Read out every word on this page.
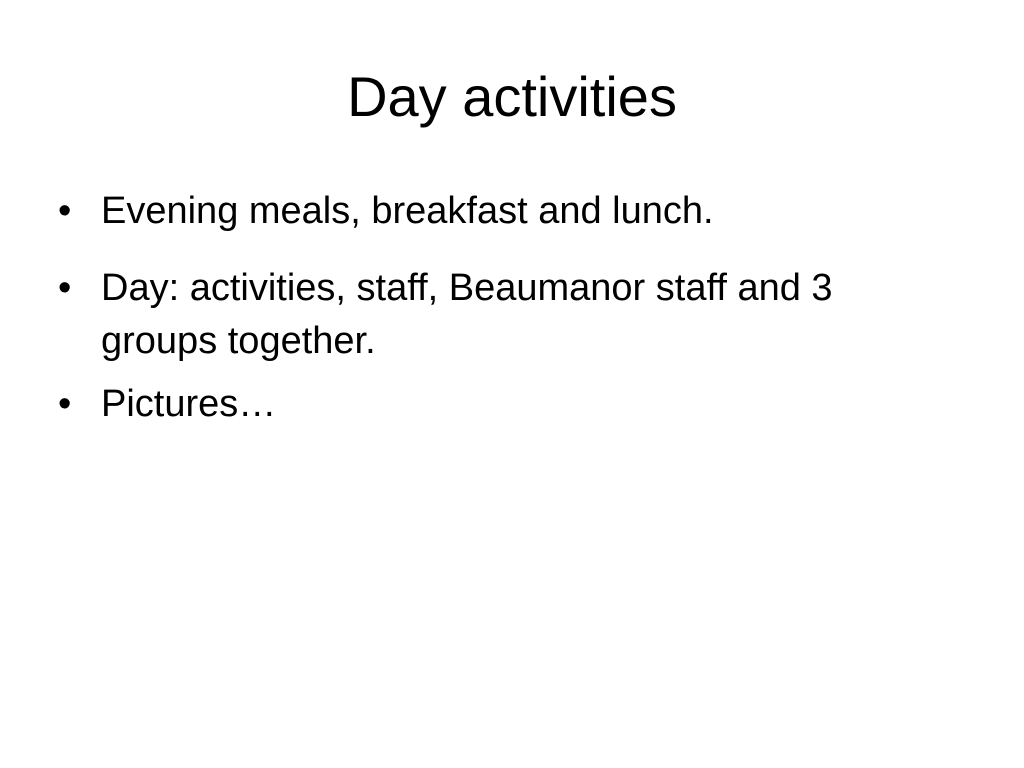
Day activities
• Evening meals, breakfast and lunch.
• Day: activities, staff, Beaumanor staff and 3 groups together.
• Pictures…
